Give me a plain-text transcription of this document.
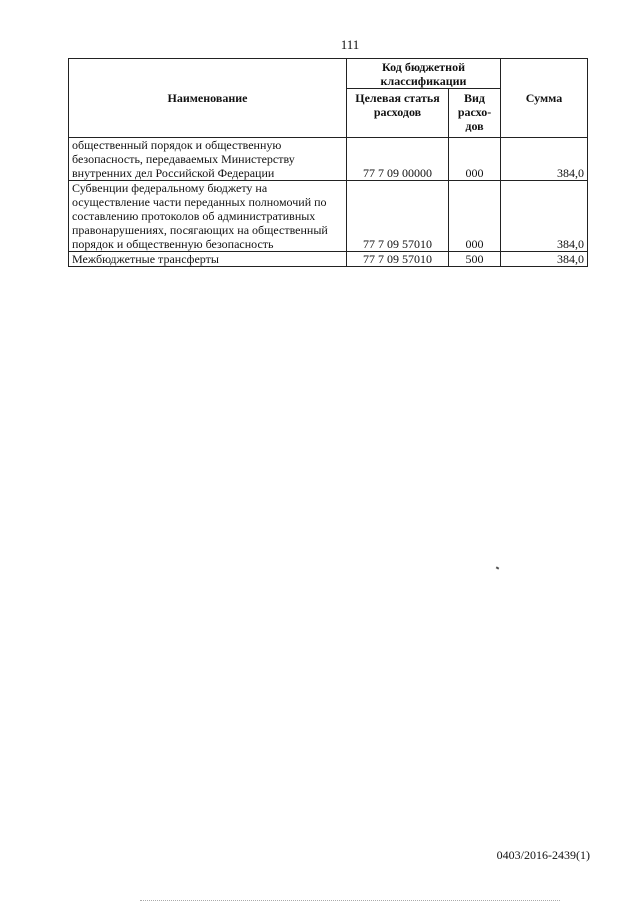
111
Наименование	Код бюджетной классификации		Сумма
	Целевая статья расходов	Вид расхо-дов	
общественный порядок и общественную безопасность, передаваемых Министерству внутренних дел Российской Федерации	77 7 09 00000	000	384,0
Субвенции федеральному бюджету на осуществление части переданных полномочий по составлению протоколов об административных правонарушениях, посягающих на общественный порядок и общественную безопасность	77 7 09 57010	000	384,0
Межбюджетные трансферты	77 7 09 57010	500	384,0
0403/2016-2439(1)
